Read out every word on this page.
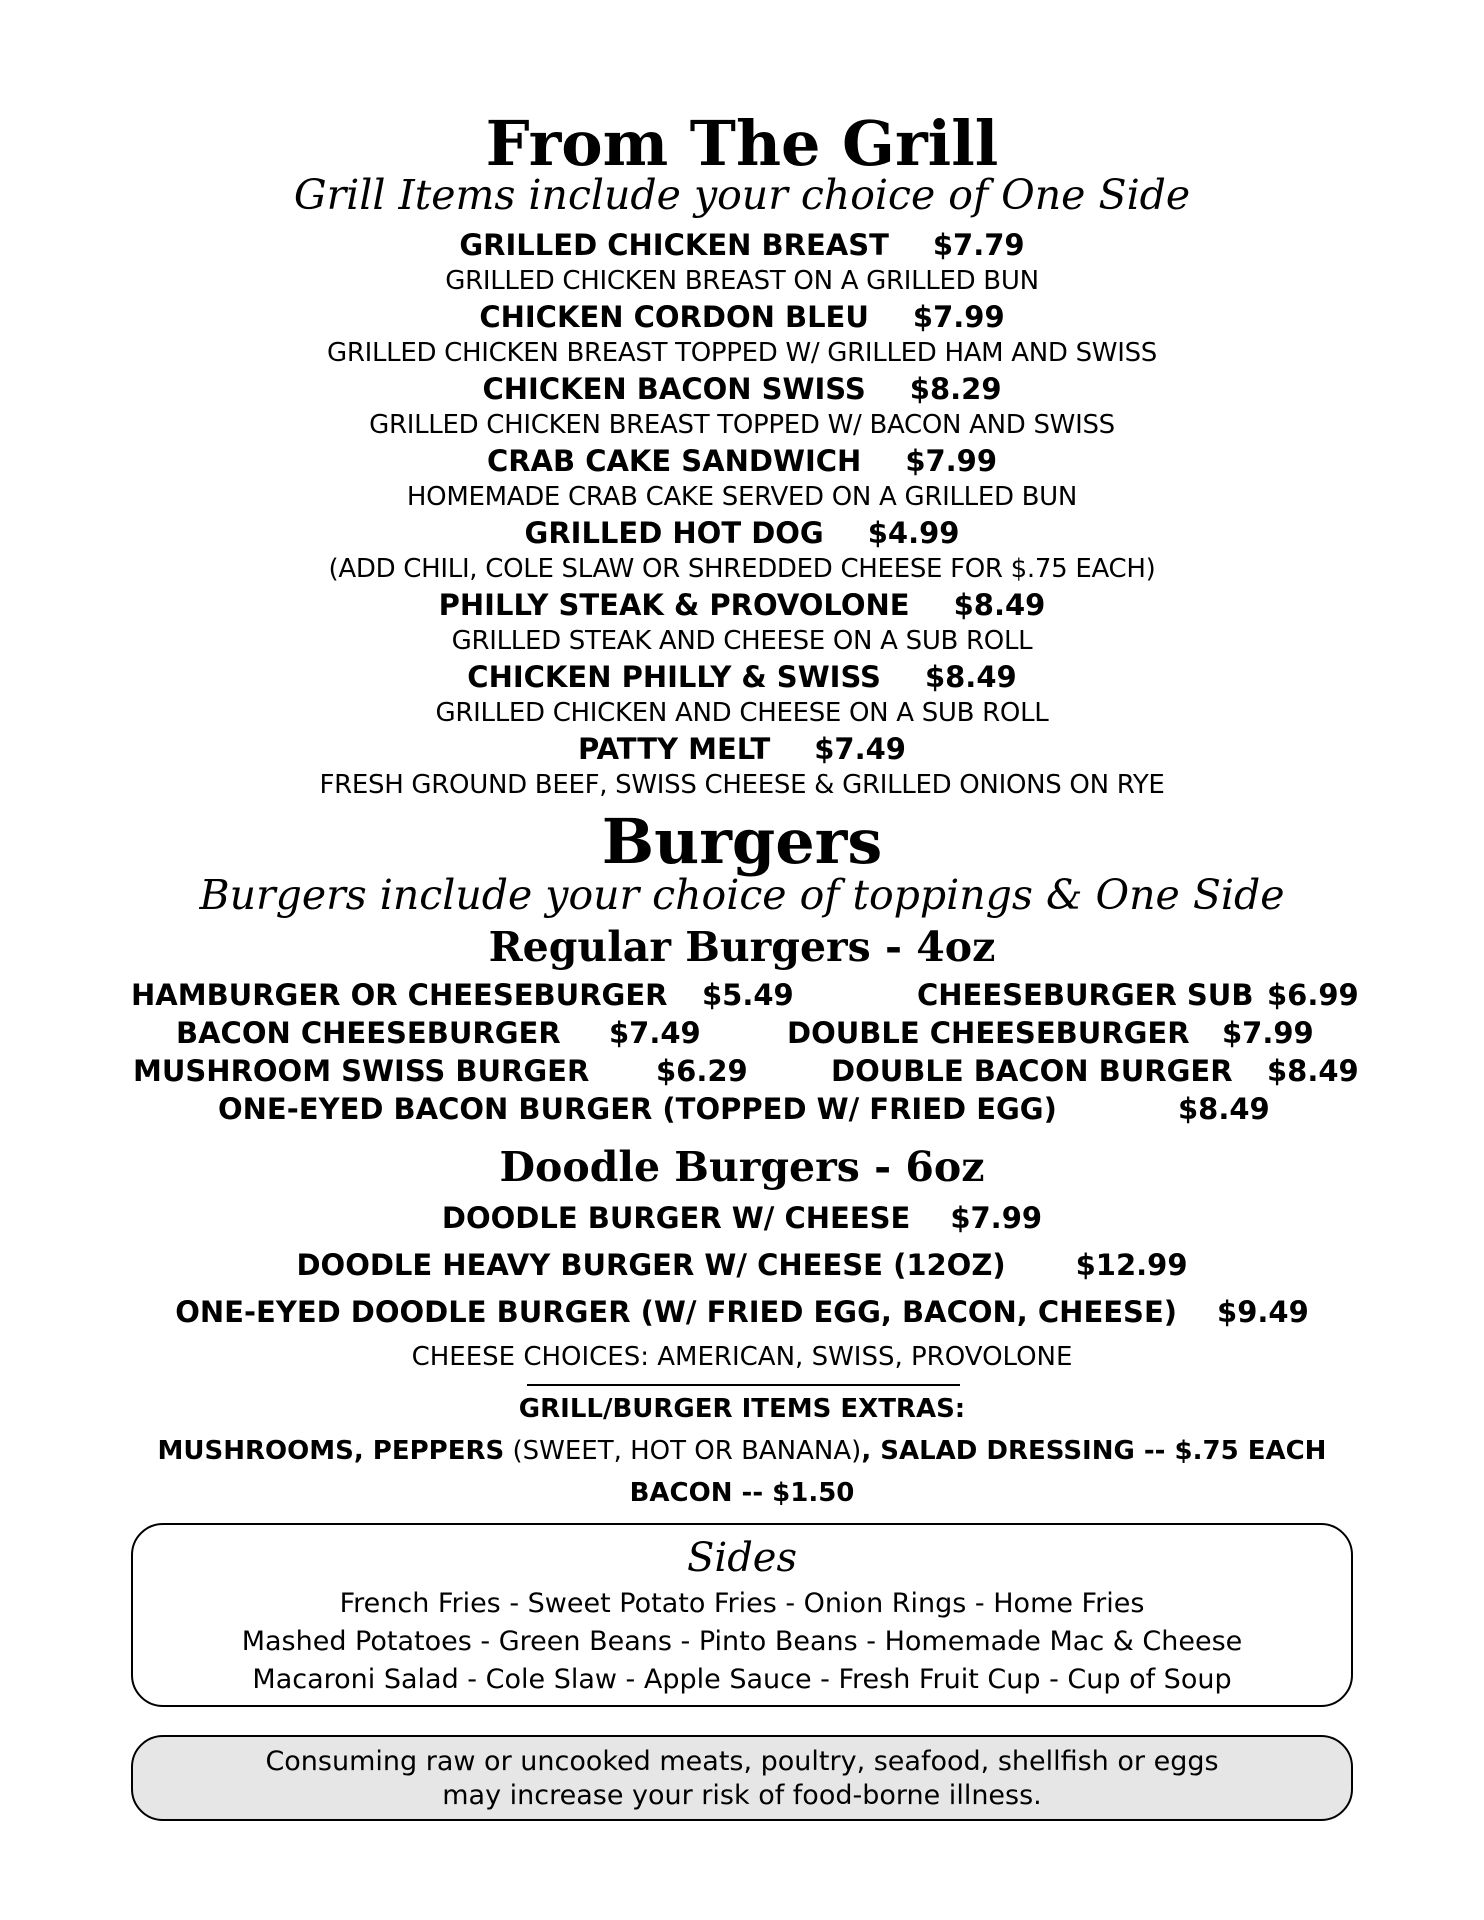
From The Grill
Grill Items include your choice of One Side
GRILLED CHICKEN BREAST $7.79
GRILLED CHICKEN BREAST ON A GRILLED BUN
CHICKEN CORDON BLEU $7.99
GRILLED CHICKEN BREAST TOPPED W/ GRILLED HAM AND SWISS
CHICKEN BACON SWISS $8.29
GRILLED CHICKEN BREAST TOPPED W/ BACON AND SWISS
CRAB CAKE SANDWICH $7.99
HOMEMADE CRAB CAKE SERVED ON A GRILLED BUN
GRILLED HOT DOG $4.99
(ADD CHILI, COLE SLAW OR SHREDDED CHEESE FOR $.75 EACH)
PHILLY STEAK & PROVOLONE $8.49
GRILLED STEAK AND CHEESE ON A SUB ROLL
CHICKEN PHILLY & SWISS $8.49
GRILLED CHICKEN AND CHEESE ON A SUB ROLL
PATTY MELT $7.49
FRESH GROUND BEEF, SWISS CHEESE & GRILLED ONIONS ON RYE
Burgers
Burgers include your choice of toppings & One Side
Regular Burgers - 4oz
HAMBURGER OR CHEESEBURGER $5.49	CHEESEBURGER SUB $6.99
BACON CHEESEBURGER $7.49	DOUBLE CHEESEBURGER $7.99
MUSHROOM SWISS BURGER $6.29	DOUBLE BACON BURGER $8.49
ONE-EYED BACON BURGER (TOPPED W/ FRIED EGG)	$8.49
Doodle Burgers - 6oz
DOODLE BURGER W/ CHEESE $7.99
DOODLE HEAVY BURGER W/ CHEESE (12OZ) $12.99
ONE-EYED DOODLE BURGER (W/ FRIED EGG, BACON, CHEESE) $9.49
CHEESE CHOICES: AMERICAN, SWISS, PROVOLONE
GRILL/BURGER ITEMS EXTRAS:
MUSHROOMS, PEPPERS (SWEET, HOT OR BANANA), SALAD DRESSING -- $.75 EACH
BACON -- $1.50
Sides
French Fries - Sweet Potato Fries - Onion Rings - Home Fries
Mashed Potatoes - Green Beans - Pinto Beans - Homemade Mac & Cheese
Macaroni Salad - Cole Slaw - Apple Sauce - Fresh Fruit Cup - Cup of Soup
Consuming raw or uncooked meats, poultry, seafood, shellfish or eggs
may increase your risk of food-borne illness.
